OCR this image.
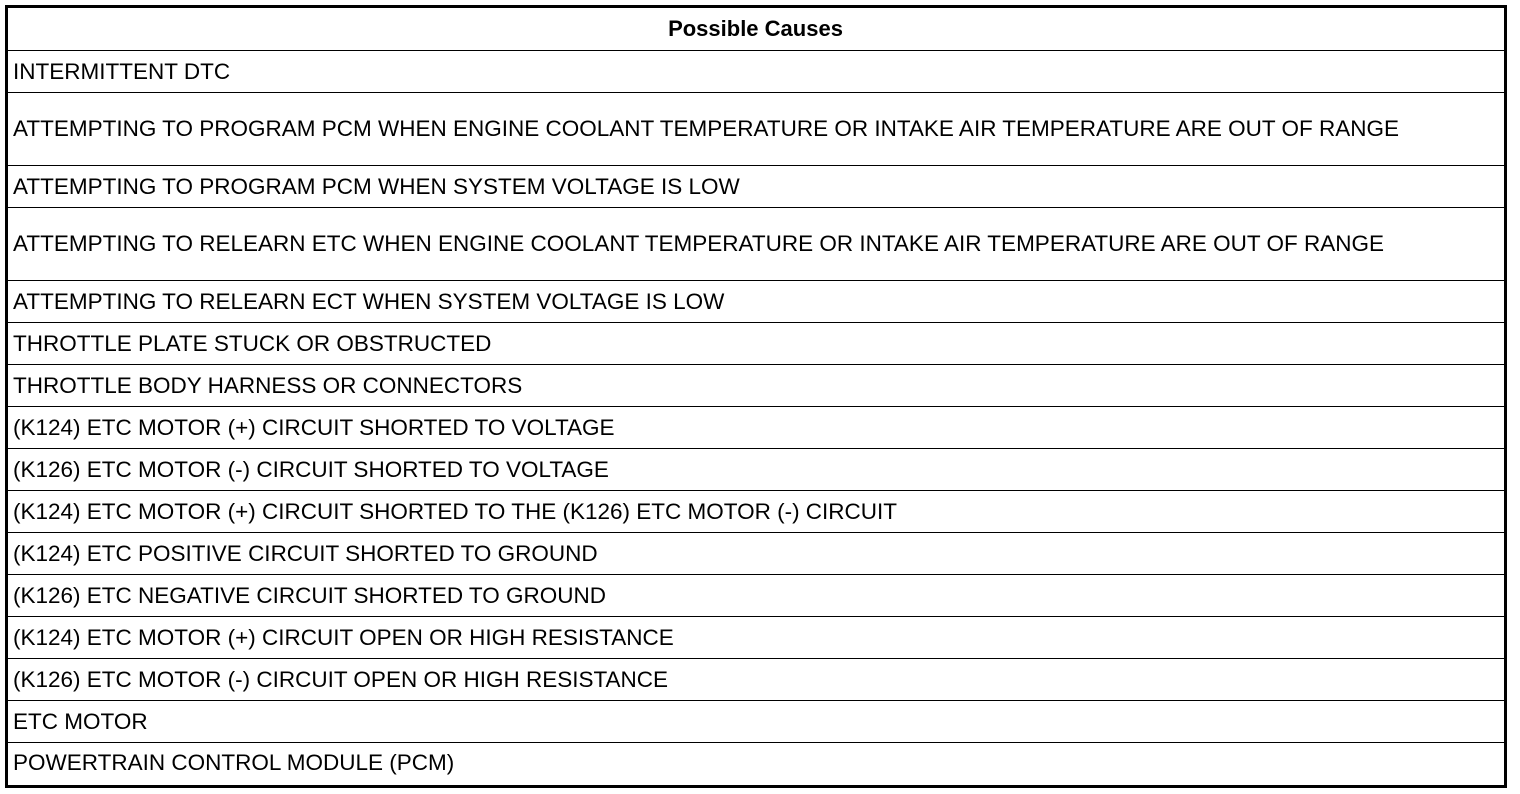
Possible Causes
INTERMITTENT DTC
ATTEMPTING TO PROGRAM PCM WHEN ENGINE COOLANT TEMPERATURE OR INTAKE AIR TEMPERATURE ARE OUT OF RANGE
ATTEMPTING TO PROGRAM PCM WHEN SYSTEM VOLTAGE IS LOW
ATTEMPTING TO RELEARN ETC WHEN ENGINE COOLANT TEMPERATURE OR INTAKE AIR TEMPERATURE ARE OUT OF RANGE
ATTEMPTING TO RELEARN ECT WHEN SYSTEM VOLTAGE IS LOW
THROTTLE PLATE STUCK OR OBSTRUCTED
THROTTLE BODY HARNESS OR CONNECTORS
(K124) ETC MOTOR (+) CIRCUIT SHORTED TO VOLTAGE
(K126) ETC MOTOR (-) CIRCUIT SHORTED TO VOLTAGE
(K124) ETC MOTOR (+) CIRCUIT SHORTED TO THE (K126) ETC MOTOR (-) CIRCUIT
(K124) ETC POSITIVE CIRCUIT SHORTED TO GROUND
(K126) ETC NEGATIVE CIRCUIT SHORTED TO GROUND
(K124) ETC MOTOR (+) CIRCUIT OPEN OR HIGH RESISTANCE
(K126) ETC MOTOR (-) CIRCUIT OPEN OR HIGH RESISTANCE
ETC MOTOR
POWERTRAIN CONTROL MODULE (PCM)
